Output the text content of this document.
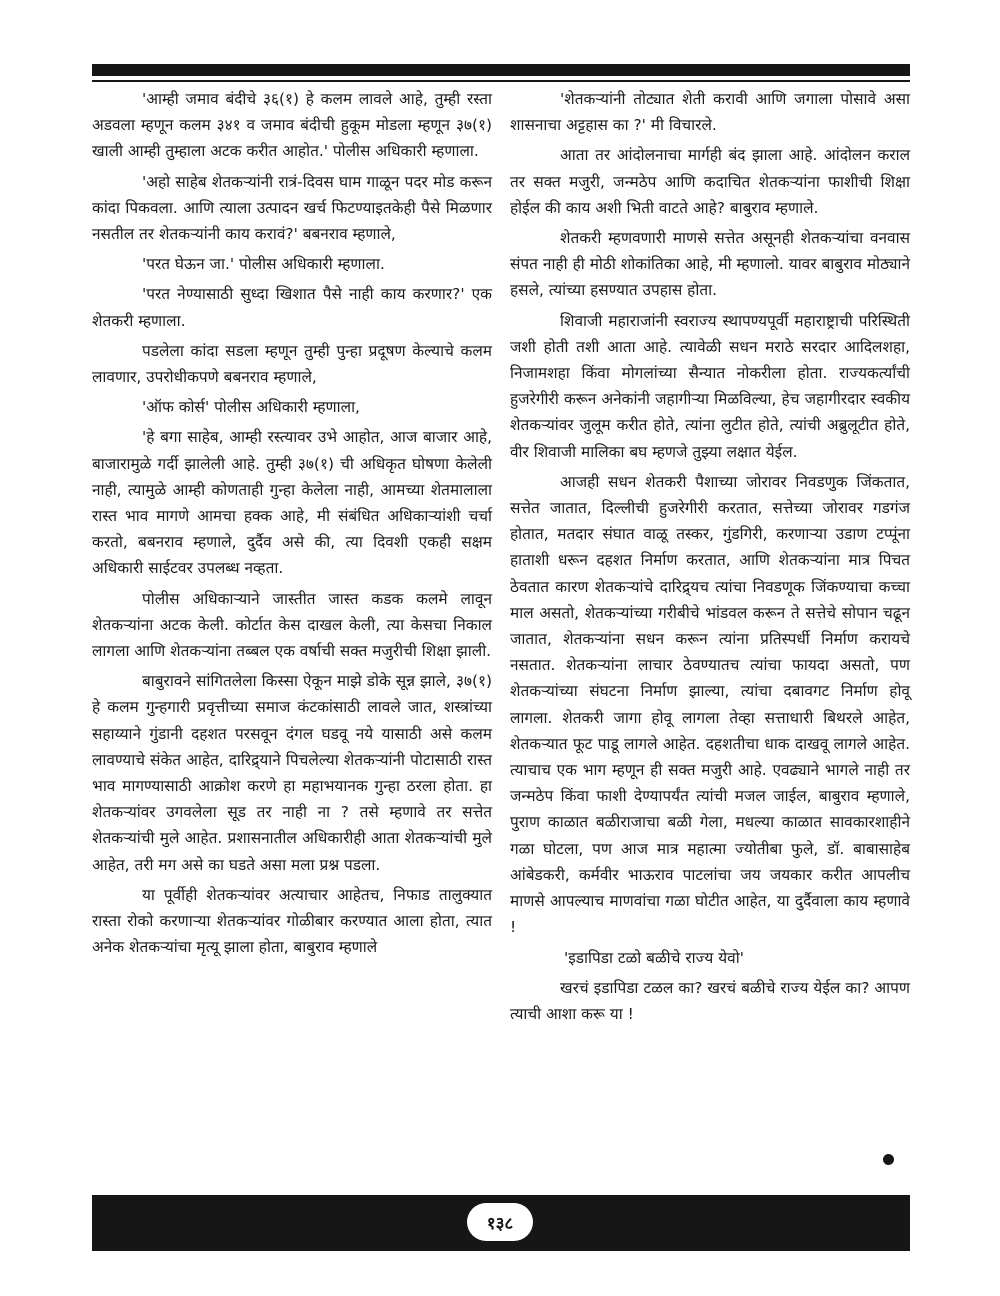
'आम्ही जमाव बंदीचे ३६(१) हे कलम लावले आहे, तुम्ही रस्ता अडवला म्हणून कलम ३४१ व जमाव बंदीची हुकूम मोडला म्हणून ३७(१) खाली आम्ही तुम्हाला अटक करीत आहोत.' पोलीस अधिकारी म्हणाला.

'अहो साहेब शेतकऱ्यांनी रात्रं-दिवस घाम गाळून पदर मोड करून कांदा पिकवला. आणि त्याला उत्पादन खर्च फिटण्याइतकेही पैसे मिळणार नसतील तर शेतकऱ्यांनी काय करावं?' बबनराव म्हणाले,

'परत घेऊन जा.' पोलीस अधिकारी म्हणाला.

'परत नेण्यासाठी सुध्दा खिशात पैसे नाही काय करणार?' एक शेतकरी म्हणाला.

पडलेला कांदा सडला म्हणून तुम्ही पुन्हा प्रदूषण केल्याचे कलम लावणार, उपरोधीकपणे बबनराव म्हणाले,

'ऑफ कोर्स' पोलीस अधिकारी म्हणाला,

'हे बगा साहेब, आम्ही रस्त्यावर उभे आहोत, आज बाजार आहे, बाजारामुळे गर्दी झालेली आहे. तुम्ही ३७(१) ची अधिकृत घोषणा केलेली नाही, त्यामुळे आम्ही कोणताही गुन्हा केलेला नाही, आमच्या शेतमालाला रास्त भाव मागणे आमचा हक्क आहे, मी संबंधित अधिकाऱ्यांशी चर्चा करतो, बबनराव म्हणाले, दुर्दैव असे की, त्या दिवशी एकही सक्षम अधिकारी साईटवर उपलब्ध नव्हता.

पोलीस अधिकाऱ्याने जास्तीत जास्त कडक कलमे लावून शेतकऱ्यांना अटक केली. कोर्टात केस दाखल केली, त्या केसचा निकाल लागला आणि शेतकऱ्यांना तब्बल एक वर्षाची सक्त मजुरीची शिक्षा झाली.

बाबुरावने सांगितलेला किस्सा ऐकून माझे डोके सून्न झाले, ३७(१) हे कलम गुन्हगारी प्रवृत्तीच्या समाज कंटकांसाठी लावले जात, शस्त्रांच्या सहाय्याने गुंडानी दहशत परसवून दंगल घडवू नये यासाठी असे कलम लावण्याचे संकेत आहेत, दारिद्र्याने पिचलेल्या शेतकऱ्यांनी पोटासाठी रास्त भाव मागण्यासाठी आक्रोश करणे हा महाभयानक गुन्हा ठरला होता. हा शेतकऱ्यांवर उगवलेला सूड तर नाही ना ? तसे म्हणावे तर सत्तेत शेतकऱ्यांची मुले आहेत. प्रशासनातील अधिकारीही आता शेतकऱ्यांची मुले आहेत, तरी मग असे का घडते असा मला प्रश्न पडला.

या पूर्वीही शेतकऱ्यांवर अत्याचार आहेतच, निफाड तालुक्यात रास्ता रोको करणाऱ्या शेतकऱ्यांवर गोळीबार करण्यात आला होता, त्यात अनेक शेतकऱ्यांचा मृत्यू झाला होता, बाबुराव म्हणाले

'शेतकऱ्यांनी तोट्यात शेती करावी आणि जगाला पोसावे असा शासनाचा अट्टहास का ?' मी विचारले.

आता तर आंदोलनाचा मार्गही बंद झाला आहे. आंदोलन कराल तर सक्त मजुरी, जन्मठेप आणि कदाचित शेतकऱ्यांना फाशीची शिक्षा होईल की काय अशी भिती वाटते आहे? बाबुराव म्हणाले.

शेतकरी म्हणवणारी माणसे सत्तेत असूनही शेतकऱ्यांचा वनवास संपत नाही ही मोठी शोकांतिका आहे, मी म्हणालो. यावर बाबुराव मोठ्याने हसले, त्यांच्या हसण्यात उपहास होता.

शिवाजी महाराजांनी स्वराज्य स्थापण्यपूर्वी महाराष्ट्राची परिस्थिती जशी होती तशी आता आहे. त्यावेळी सधन मराठे सरदार आदिलशहा, निजामशहा किंवा मोगलांच्या सैन्यात नोकरीला होता. राज्यकर्त्यांची हुजरेगीरी करून अनेकांनी जहागीऱ्या मिळविल्या, हेच जहागीरदार स्वकीय शेतकऱ्यांवर जुलूम करीत होते, त्यांना लुटीत होते, त्यांची अब्रुलूटीत होते, वीर शिवाजी मालिका बघ म्हणजे तुझ्या लक्षात येईल.

आजही सधन शेतकरी पैशाच्या जोरावर निवडणुक जिंकतात, सत्तेत जातात, दिल्लीची हुजरेगीरी करतात, सत्तेच्या जोरावर गडगंज होतात, मतदार संघात वाळू तस्कर, गुंडगिरी, करणाऱ्या उडाण टप्पूंना हाताशी धरून दहशत निर्माण करतात, आणि शेतकऱ्यांना मात्र पिचत ठेवतात कारण शेतकऱ्यांचे दारिद्र्यच त्यांचा निवडणूक जिंकण्याचा कच्चा माल असतो, शेतकऱ्यांच्या गरीबीचे भांडवल करून ते सत्तेचे सोपान चढून जातात, शेतकऱ्यांना सधन करून त्यांना प्रतिस्पर्धी निर्माण करायचे नसतात. शेतकऱ्यांना लाचार ठेवण्यातच त्यांचा फायदा असतो, पण शेतकऱ्यांच्या संघटना निर्माण झाल्या, त्यांचा दबावगट निर्माण होवू लागला. शेतकरी जागा होवू लागला तेव्हा सत्ताधारी बिथरले आहेत, शेतकऱ्यात फूट पाडू लागले आहेत. दहशतीचा धाक दाखवू लागले आहेत. त्याचाच एक भाग म्हणून ही सक्त मजुरी आहे. एवढ्याने भागले नाही तर जन्मठेप किंवा फाशी देण्यापर्यंत त्यांची मजल जाईल, बाबुराव म्हणाले, पुराण काळात बळीराजाचा बळी गेला, मधल्या काळात सावकारशाहीने गळा घोटला, पण आज मात्र महात्मा ज्योतीबा फुले, डॉ. बाबासाहेब आंबेडकरी, कर्मवीर भाऊराव पाटलांचा जय जयकार करीत आपलीच माणसे आपल्याच माणवांचा गळा घोटीत आहेत, या दुर्दैवाला काय म्हणावे !

'इडापिडा टळो बळीचे राज्य येवो'

खरचं इडापिडा टळल का? खरचं बळीचे राज्य येईल का? आपण त्याची आशा करू या !

१३८
